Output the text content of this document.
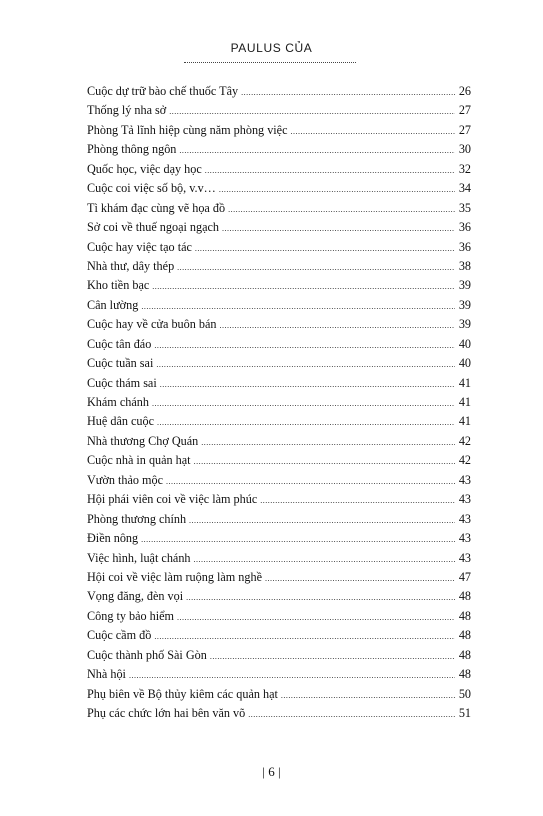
PAULUS CỦA
Cuộc dự trữ bào chế thuốc Tây .....	26
Thống lý nha sở .....	27
Phòng Tả lĩnh hiệp cùng năm phòng việc .....	27
Phòng thông ngôn .....	30
Quốc học, việc dạy học .....	32
Cuộc coi việc số bộ, v.v… .....	34
Tì khám đạc cùng vẽ họa đồ .....	35
Sở coi về thuế ngoại ngạch .....	36
Cuộc hay việc tạo tác .....	36
Nhà thư, dây thép .....	38
Kho tiền bạc .....	39
Cân lường .....	39
Cuộc hay về cửa buôn bán .....	39
Cuộc tân đáo .....	40
Cuộc tuần sai .....	40
Cuộc thám sai .....	41
Khám chánh .....	41
Huệ dân cuộc .....	41
Nhà thương Chợ Quán .....	42
Cuộc nhà in quản hạt .....	42
Vườn thảo mộc .....	43
Hội phái viên coi về việc làm phúc .....	43
Phòng thương chính .....	43
Điền nông .....	43
Việc hình, luật chánh .....	43
Hội coi về việc làm ruộng làm nghề .....	47
Vọng đăng, đèn vọi .....	48
Công ty bảo hiểm .....	48
Cuộc cầm đồ .....	48
Cuộc thành phố Sài Gòn .....	48
Nhà hội .....	48
Phụ biên về Bộ thủy kiêm các quản hạt .....	50
Phụ các chức lớn hai bên văn võ .....	51
| 6 |
